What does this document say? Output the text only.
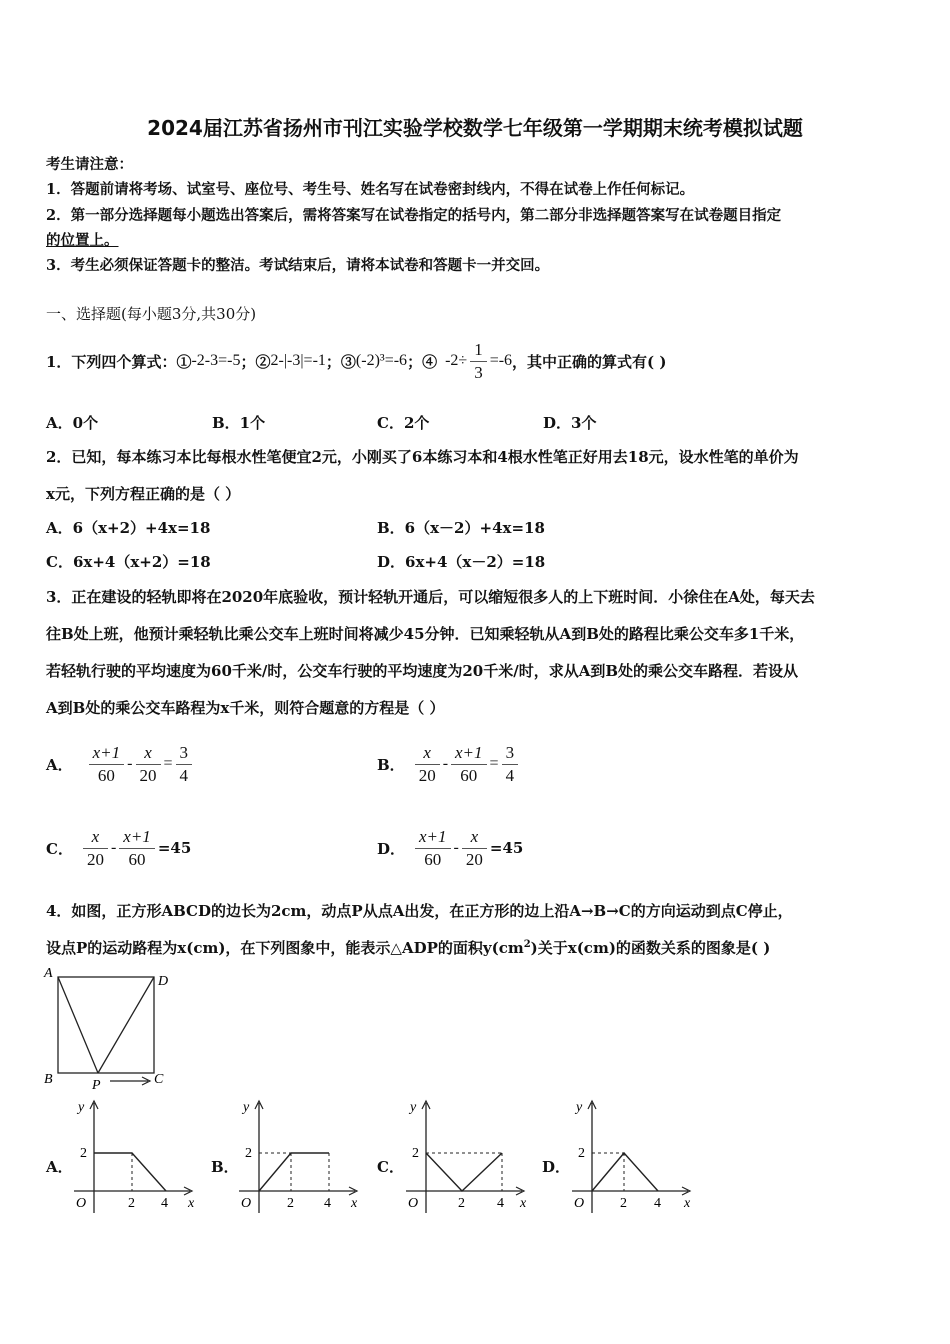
2024届江苏省扬州市刊江实验学校数学七年级第一学期期末统考模拟试题
考生请注意：
1．答题前请将考场、试室号、座位号、考生号、姓名写在试卷密封线内，不得在试卷上作任何标记。
2．第一部分选择题每小题选出答案后，需将答案写在试卷指定的括号内，第二部分非选择题答案写在试卷题目指定
的位置上。
3．考生必须保证答题卡的整洁。考试结束后，请将本试卷和答题卡一并交回。
一、选择题(每小题3分,共30分)
1．下列四个算式：① -2-3=-5 ；② 2-|-3|=-1 ；③ (-2)³=-6 ；④ $-2\div \frac{1}{3} =-6$ ，其中正确的算式有( )
A．0个	B．1个	C．2个	D．3个
2．已知，每本练习本比每根水性笔便宜2元，小刚买了6本练习本和4根水性笔正好用去18元，设水性笔的单价为
x元，下列方程正确的是（ ）
A．6（x+2）+4x=18	B．6（x－2）+4x=18
C．6x+4（x+2）=18	D．6x+4（x－2）=18
3．正在建设的轻轨即将在2020年底验收，预计轻轨开通后，可以缩短很多人的上下班时间．小徐住在A处，每天去
往B处上班，他预计乘轻轨比乘公交车上班时间将减少45分钟．已知乘轻轨从A到B处的路程比乘公交车多1千米，
若轻轨行驶的平均速度为60千米/时，公交车行驶的平均速度为20千米/时，求从A到B处的乘公交车路程．若设从
A到B处的乘公交车路程为x千米，则符合题意的方程是（ ）
A． $\frac{x+1}{60} - \frac{x}{20} = \frac{3}{4}$	B． $\frac{x}{20} - \frac{x+1}{60} = \frac{3}{4}$
C． $\frac{x}{20} - \frac{x+1}{60} =45$	D． $\frac{x+1}{60} - \frac{x}{20} =45$
4．如图，正方形ABCD的边长为2cm，动点P从点A出发，在正方形的边上沿A→B→C的方向运动到点C停止，
设点P的运动路程为x(cm)，在下列图象中，能表示△ADP的面积$y(cm^2)$关于x(cm)的函数关系的图象是( )
A
D
B	C
P
A．	B．	C．	D．
y
2
O	2 4 x
y
2
O	2 4 x
y
2
O	2 4 x
y
2
O	2 4 x
